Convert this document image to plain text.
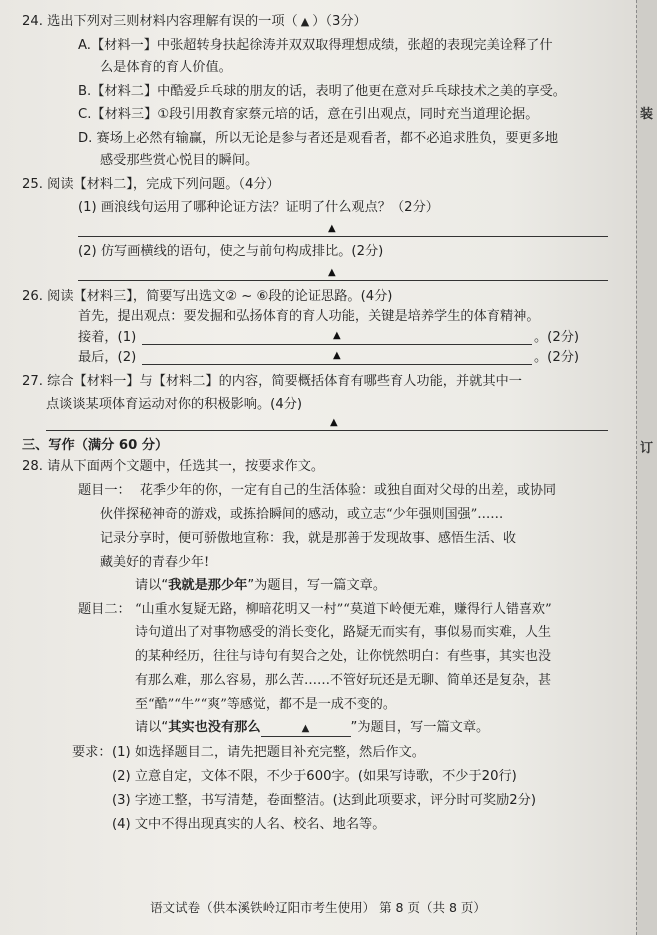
装
订
24. 选出下列对三则材料内容理解有误的一项（ ▲ ）（3分）
A.【材料一】中张超转身扶起徐涛并双双取得理想成绩，张超的表现完美诠释了什
么是体育的育人价值。
B.【材料二】中酷爱乒乓球的朋友的话，表明了他更在意对乒乓球技术之美的享受。
C.【材料三】①段引用教育家蔡元培的话，意在引出观点，同时充当道理论据。
D. 赛场上必然有输赢，所以无论是参与者还是观看者，都不必追求胜负，要更多地
感受那些赏心悦目的瞬间。
25. 阅读【材料二】，完成下列问题。（4分）
(1) 画浪线句运用了哪种论证方法？证明了什么观点？（2分）
▲
(2) 仿写画横线的语句，使之与前句构成排比。(2分)
▲
26. 阅读【材料三】，简要写出选文② ~ ⑥段的论证思路。(4分)
首先，提出观点：要发掘和弘扬体育的育人功能，关键是培养学生的体育精神。
接着，(1)	▲	。(2分)
最后，(2)	▲	。(2分)
27. 综合【材料一】与【材料二】的内容，简要概括体育有哪些育人功能，并就其中一
点谈谈某项体育运动对你的积极影响。(4分)
▲
三、写作（满分 60 分）
28. 请从下面两个文题中，任选其一，按要求作文。
题目一： 花季少年的你，一定有自己的生活体验：或独自面对父母的出差，或协同
伙伴探秘神奇的游戏，或拣拾瞬间的感动，或立志“少年强则国强”……
记录分享时，便可骄傲地宣称：我，就是那善于发现故事、感悟生活、收
藏美好的青春少年!
请以“我就是那少年”为题目，写一篇文章。
题目二： “山重水复疑无路，柳暗花明又一村”“莫道下岭便无难，赚得行人错喜欢”
诗句道出了对事物感受的消长变化，路疑无而实有，事似易而实难，人生
的某种经历，往往与诗句有契合之处，让你恍然明白：有些事，其实也没
有那么难，那么容易，那么苦……不管好玩还是无聊、简单还是复杂，甚
至“酷”“牛”“爽”等感觉，都不是一成不变的。
请以“其实也没有那么	▲	”为题目，写一篇文章。
要求： (1) 如选择题目二，请先把题目补充完整，然后作文。
(2) 立意自定，文体不限，不少于600字。(如果写诗歌，不少于20行)
(3) 字迹工整，书写清楚，卷面整洁。(达到此项要求，评分时可奖励2分)
(4) 文中不得出现真实的人名、校名、地名等。
语文试卷（供本溪铁岭辽阳市考生使用） 第 8 页（共 8 页）
